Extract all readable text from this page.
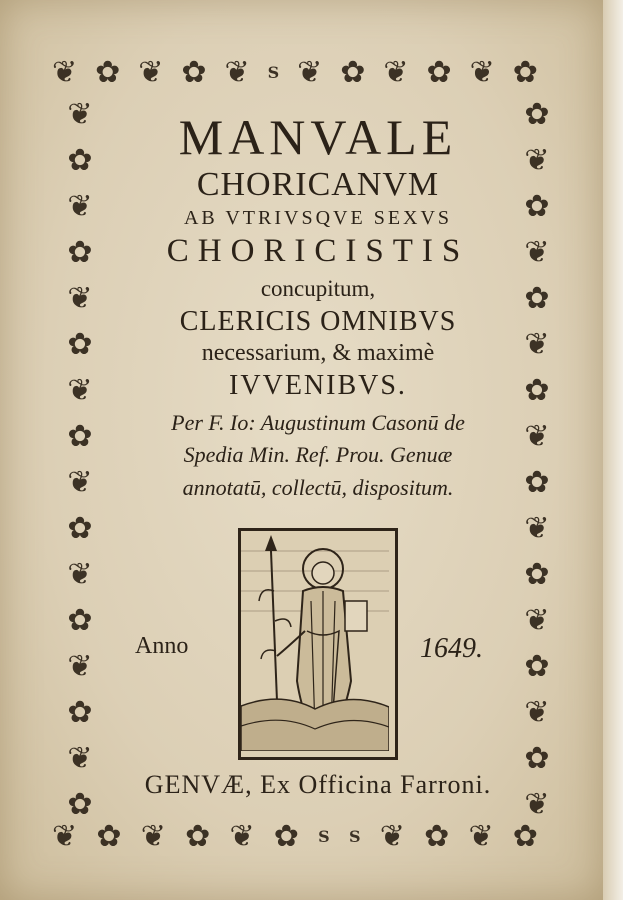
❦ ✿ ❦ ✿ ❦ S ❦ ✿ ❦ ✿ ❦ ✿
❦
✿
❦
✿
❦
✿
❦
✿
❦
✿
❦
✿
❦
✿
❦
✿
✿
❦
✿
❦
✿
❦
✿
❦
✿
❦
✿
❦
✿
❦
✿
❦
❦ ✿ ❦ ✿ ❦ ✿ S S ❦ ✿ ❦ ✿
MANVALE
CHORICANVM
AB VTRIVSQVE SEXVS
CHORICISTIS
concupitum,
CLERICIS OMNIBVS
necessarium, & maximè
IVVENIBVS.
Per F. Io: Augustinum Casonū de
Spedia Min. Ref. Prou. Genuæ
annotatū, collectū, dispositum.
Anno	1649.
GENVÆ, Ex Officina Farroni.
